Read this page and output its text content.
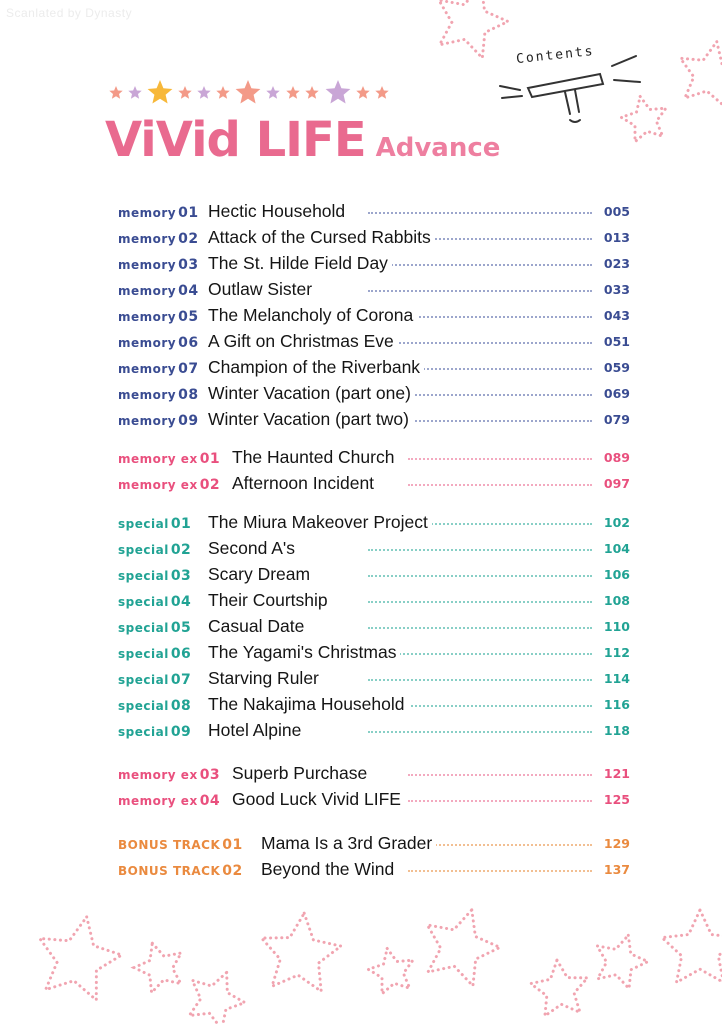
Scanlated by Dynasty
Contents
ViVid LIFE Advance
memory 01 Hectic Household	005
memory 02 Attack of the Cursed Rabbits	013
memory 03 The St. Hilde Field Day	023
memory 04 Outlaw Sister	033
memory 05 The Melancholy of Corona	043
memory 06 A Gift on Christmas Eve	051
memory 07 Champion of the Riverbank	059
memory 08 Winter Vacation (part one)	069
memory 09 Winter Vacation (part two)	079
memory ex 01 The Haunted Church	089
memory ex 02 Afternoon Incident	097
special 01 The Miura Makeover Project	102
special 02 Second A's	104
special 03 Scary Dream	106
special 04 Their Courtship	108
special 05 Casual Date	110
special 06 The Yagami's Christmas	112
special 07 Starving Ruler	114
special 08 The Nakajima Household	116
special 09 Hotel Alpine	118
memory ex 03 Superb Purchase	121
memory ex 04 Good Luck Vivid LIFE	125
BONUS TRACK 01 Mama Is a 3rd Grader	129
BONUS TRACK 02 Beyond the Wind	137
